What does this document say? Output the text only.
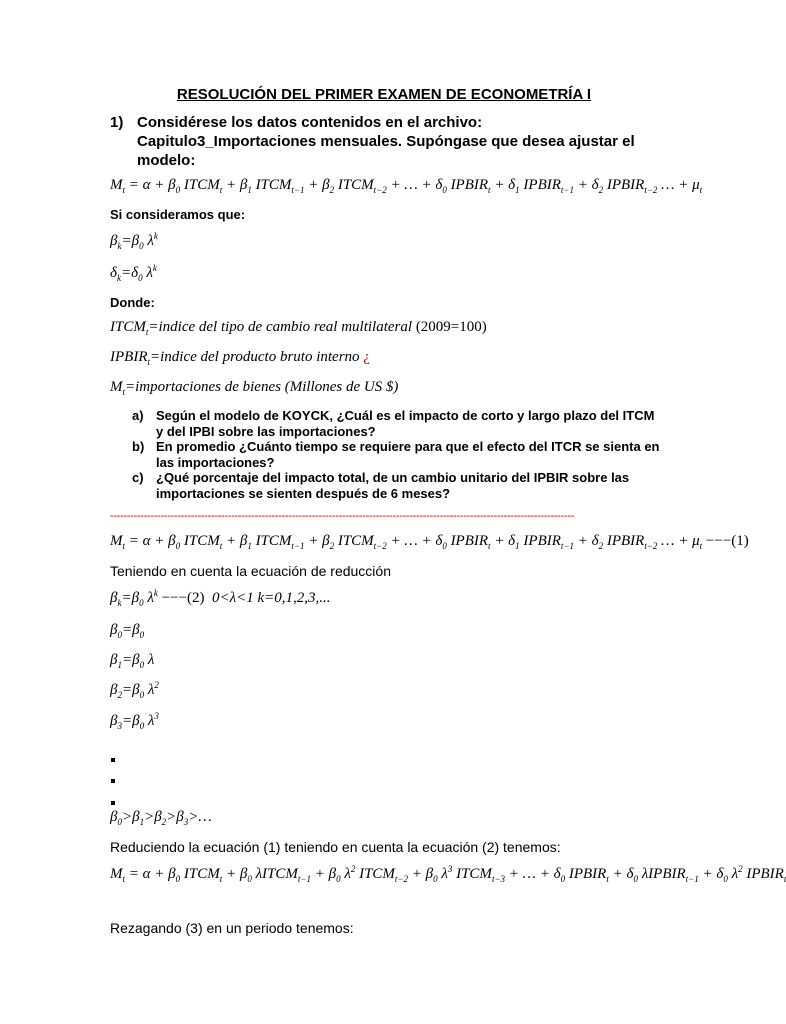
RESOLUCIÓN DEL PRIMER EXAMEN DE ECONOMETRÍA I
1) Considérese los datos contenidos en el archivo:
Capitulo3_Importaciones mensuales. Supóngase que desea ajustar el
modelo:
$M_t = \alpha + \beta_0$ $ITCM_t + \beta_1$ $ITCM_{t-1} + \beta_2$ $ITCM_{t-2}$ + … + $\delta_0$ $IPBIR_t + \delta_1$ $IPBIR_{t-1} + \delta_2$ $IPBIR_{t-2}$ … + $\mu_t$
Si consideramos que:
$\beta_k=\beta_0$ $\lambda^k$
$\delta_k=\delta_0$ $\lambda^k$
Donde:
$ITCM_t=indice$ del tipo de cambio real multilateral (2009=100)
$IPBIR_t=indice$ del producto bruto interno ¿
$M_t=importaciones$ de bienes (Millones de US $)
a) Según el modelo de KOYCK, ¿Cuál es el impacto de corto y largo plazo del ITCM
y del IPBI sobre las importaciones?
b) En promedio ¿Cuánto tiempo se requiere para que el efecto del ITCR se sienta en
las importaciones?
c) ¿Qué porcentaje del impacto total, de un cambio unitario del IPBIR sobre las
importaciones se sienten después de 6 meses?
------------------------------------------------------------------------------------------------------------------------------------------
$M_t = \alpha + \beta_0$ $ITCM_t + \beta_1$ $ITCM_{t-1} + \beta_2$ $ITCM_{t-2}$ + … + $\delta_0$ $IPBIR_t + \delta_1$ $IPBIR_{t-1} + \delta_2$ $IPBIR_{t-2}$ … + $\mu_t ---(1)$
Teniendo en cuenta la ecuación de reducción
$\beta_k=\beta_0$ $\lambda^k ---(2)$ 0<λ<1 k=0,1,2,3,...
$\beta_0=\beta_0$
$\beta_1=\beta_0$ λ
$\beta_2=\beta_0$ $\lambda^2$
$\beta_3=\beta_0$ $\lambda^3$
$\beta_0>\beta_1>\beta_2>\beta_3>\dots$
Reduciendo la ecuación (1) teniendo en cuenta la ecuación (2) tenemos:
$M_t = \alpha + \beta_0$ $ITCM_t + \beta_0$ λITCM$_{t-1}$ + $\beta_0$ $\lambda^2$ $ITCM_{t-2} + \beta_0$ $\lambda^3$ $ITCM_{t-3}$ + … + $\delta_0$ $IPBIR_t + \delta_0$ λIPBIR$_{t-1}$ + $\delta_0$ $\lambda^2$ IPBIR
Rezagando (3) en un periodo tenemos:
